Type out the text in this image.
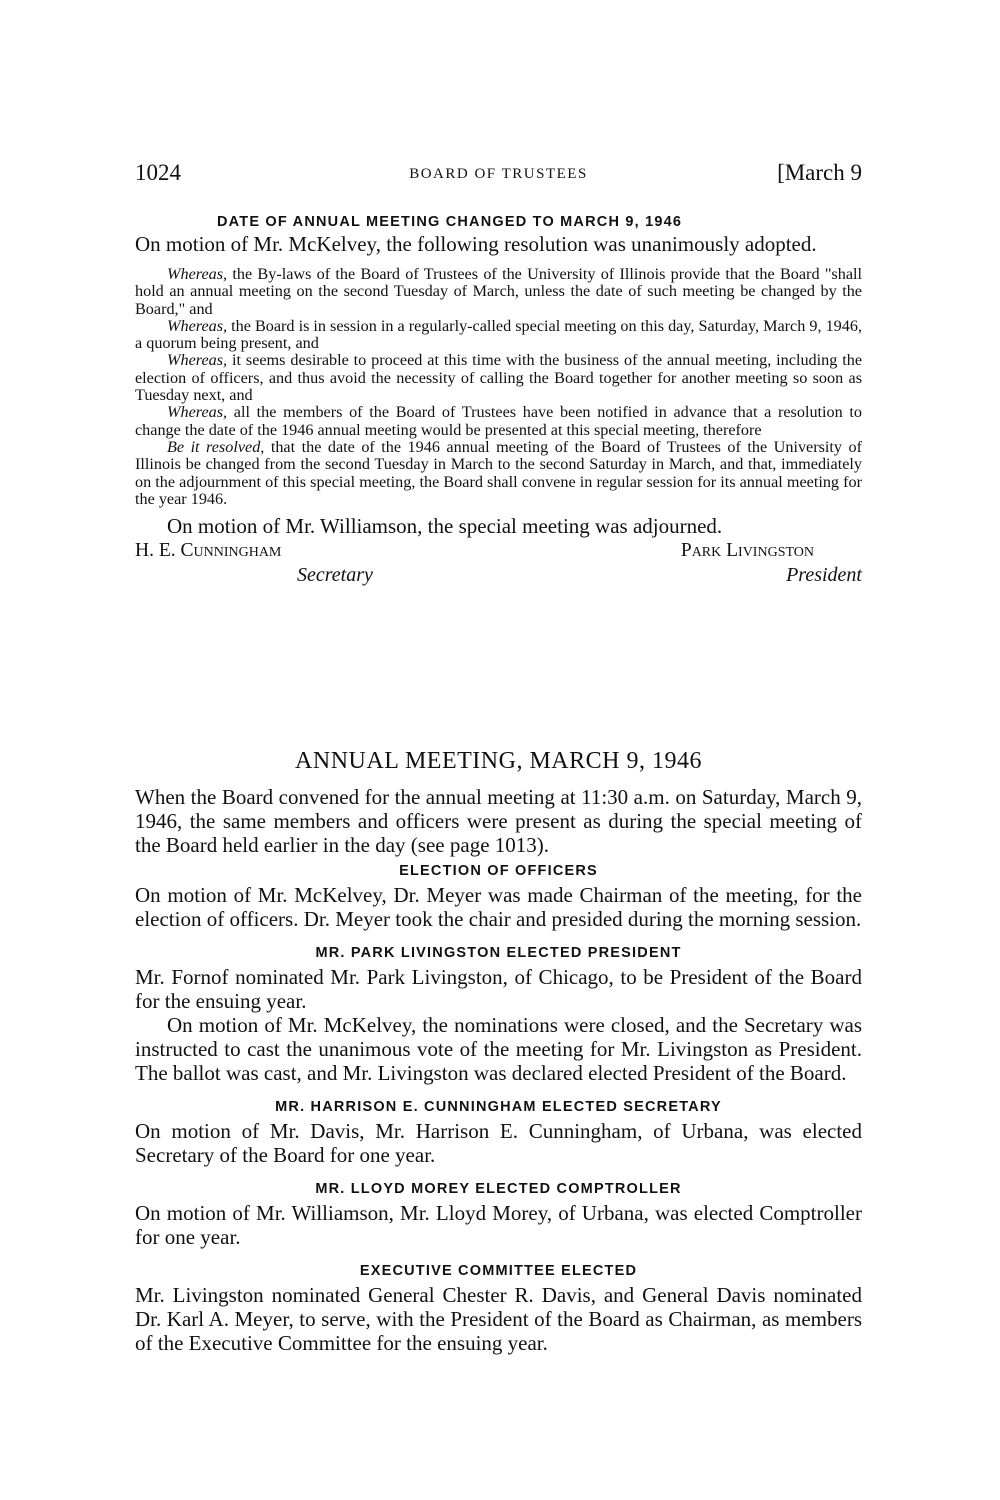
1024	BOARD OF TRUSTEES	[March 9

DATE OF ANNUAL MEETING CHANGED TO MARCH 9, 1946

On motion of Mr. McKelvey, the following resolution was unanimously adopted.

Whereas, the By-laws of the Board of Trustees of the University of Illinois provide that the Board "shall hold an annual meeting on the second Tuesday of March, unless the date of such meeting be changed by the Board," and

Whereas, the Board is in session in a regularly-called special meeting on this day, Saturday, March 9, 1946, a quorum being present, and

Whereas, it seems desirable to proceed at this time with the business of the annual meeting, including the election of officers, and thus avoid the necessity of calling the Board together for another meeting so soon as Tuesday next, and

Whereas, all the members of the Board of Trustees have been notified in advance that a resolution to change the date of the 1946 annual meeting would be presented at this special meeting, therefore

Be it resolved, that the date of the 1946 annual meeting of the Board of Trustees of the University of Illinois be changed from the second Tuesday in March to the second Saturday in March, and that, immediately on the adjournment of this special meeting, the Board shall convene in regular session for its annual meeting for the year 1946.

On motion of Mr. Williamson, the special meeting was adjourned.

H. E. Cunningham	Park Livingston
Secretary	President

ANNUAL MEETING, MARCH 9, 1946

When the Board convened for the annual meeting at 11:30 a.m. on Saturday, March 9, 1946, the same members and officers were present as during the special meeting of the Board held earlier in the day (see page 1013).

ELECTION OF OFFICERS

On motion of Mr. McKelvey, Dr. Meyer was made Chairman of the meeting, for the election of officers. Dr. Meyer took the chair and presided during the morning session.

MR. PARK LIVINGSTON ELECTED PRESIDENT

Mr. Fornof nominated Mr. Park Livingston, of Chicago, to be President of the Board for the ensuing year.

On motion of Mr. McKelvey, the nominations were closed, and the Secretary was instructed to cast the unanimous vote of the meeting for Mr. Livingston as President. The ballot was cast, and Mr. Livingston was declared elected President of the Board.

MR. HARRISON E. CUNNINGHAM ELECTED SECRETARY

On motion of Mr. Davis, Mr. Harrison E. Cunningham, of Urbana, was elected Secretary of the Board for one year.

MR. LLOYD MOREY ELECTED COMPTROLLER

On motion of Mr. Williamson, Mr. Lloyd Morey, of Urbana, was elected Comptroller for one year.

EXECUTIVE COMMITTEE ELECTED

Mr. Livingston nominated General Chester R. Davis, and General Davis nominated Dr. Karl A. Meyer, to serve, with the President of the Board as Chairman, as members of the Executive Committee for the ensuing year.
